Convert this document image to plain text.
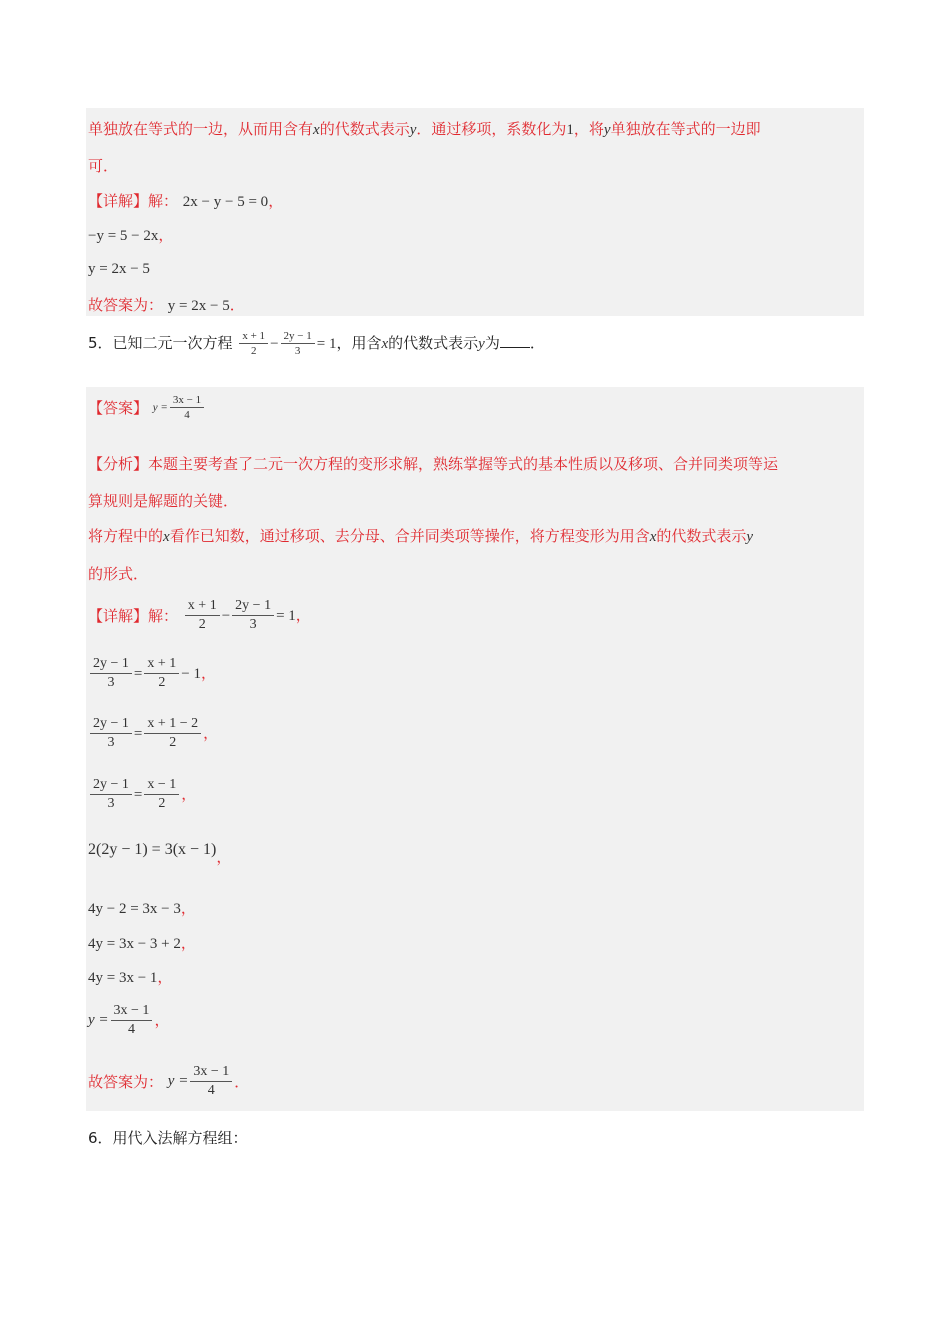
单独放在等式的一边，从而用含有x的代数式表示y．通过移项，系数化为1，将y单独放在等式的一边即
可．
【详解】解： 2x − y − 5 = 0，
−y = 5 − 2x，
y = 2x − 5
故答案为： y = 2x − 5．
5．已知二元一次方程 $\frac{x + 1}{2} - \frac{2y - 1}{3} = 1$，用含x的代数式表示y为 ．
【答案】 $y = \frac{3x - 1}{4}$
【分析】本题主要考查了二元一次方程的变形求解，熟练掌握等式的基本性质以及移项、合并同类项等运
算规则是解题的关键．
将方程中的x看作已知数，通过移项、去分母、合并同类项等操作，将方程变形为用含x的代数式表示y
的形式．
【详解】解： $\frac{x + 1}{2} - \frac{2y - 1}{3} = 1$，
$\frac{2y - 1}{3} = \frac{x + 1}{2} - 1$，
$\frac{2y - 1}{3} = \frac{x + 1 - 2}{2}$ ，
$\frac{2y - 1}{3} = \frac{x - 1}{2}$ ，
2(2y − 1) = 3(x − 1)，
4y − 2 = 3x − 3，
4y = 3x − 3 + 2，
4y = 3x − 1，
$y = \frac{3x - 1}{4}$ ，
故答案为： $y = \frac{3x - 1}{4}$ ．
6．用代入法解方程组：
